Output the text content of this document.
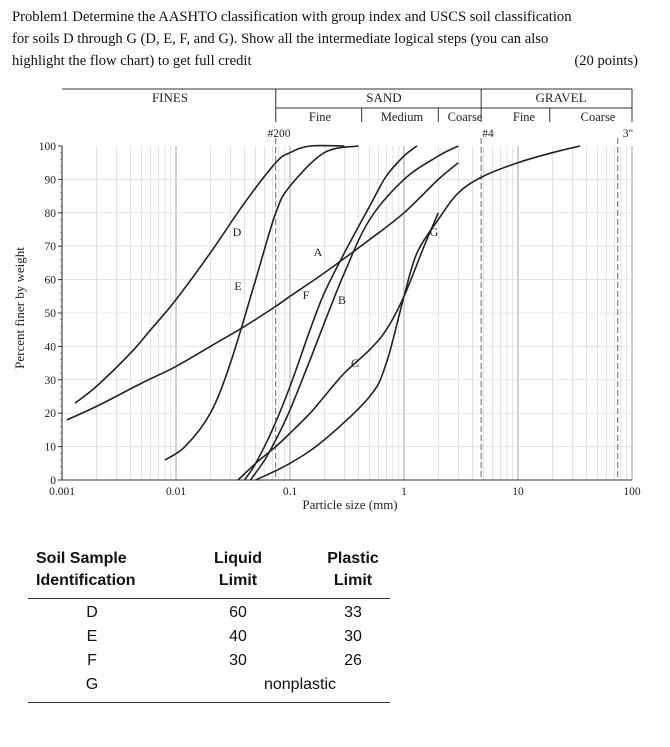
Problem1 Determine the AASHTO classification with group index and USCS soil classification
for soils D through G (D, E, F, and G). Show all the intermediate logical steps (you can also
highlight the flow chart) to get full credit	(20 points)
FINES	SAND	GRAVEL
Fine	Medium Coarse Fine	Coarse
#200	#4	3"
A
B
C
D
E
F
G
0
10
20
30
40
50
60
70
80
90
100
0.001	0.01	0.1	1	10	100
Particle size (mm)
Percent finer by weight
Soil Sample
Identification
Liquid
Limit
Plastic
Limit
D	60	33
E	40	30
F	30	26
G	nonplastic
